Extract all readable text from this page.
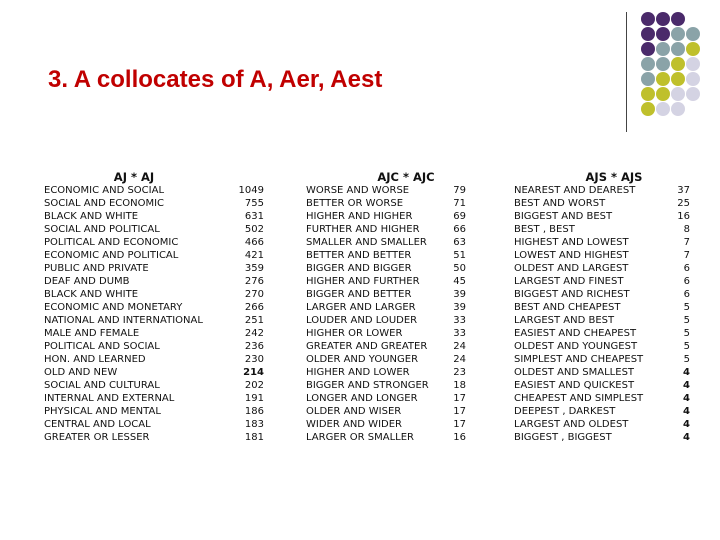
3. A collocates of A, Aer, Aest
AJ * AJ
ECONOMIC AND SOCIAL	1049
SOCIAL AND ECONOMIC	755
BLACK AND WHITE	631
SOCIAL AND POLITICAL	502
POLITICAL AND ECONOMIC	466
ECONOMIC AND POLITICAL	421
PUBLIC AND PRIVATE	359
DEAF AND DUMB	276
BLACK AND WHITE	270
ECONOMIC AND MONETARY	266
NATIONAL AND INTERNATIONAL	251
MALE AND FEMALE	242
POLITICAL AND SOCIAL	236
HON. AND LEARNED	230
OLD AND NEW	214
SOCIAL AND CULTURAL	202
INTERNAL AND EXTERNAL	191
PHYSICAL AND MENTAL	186
CENTRAL AND LOCAL	183
GREATER OR LESSER	181
AJC * AJC
WORSE AND WORSE	79
BETTER OR WORSE	71
HIGHER AND HIGHER	69
FURTHER AND HIGHER	66
SMALLER AND SMALLER	63
BETTER AND BETTER	51
BIGGER AND BIGGER	50
HIGHER AND FURTHER	45
BIGGER AND BETTER	39
LARGER AND LARGER	39
LOUDER AND LOUDER	33
HIGHER OR LOWER	33
GREATER AND GREATER	24
OLDER AND YOUNGER	24
HIGHER AND LOWER	23
BIGGER AND STRONGER	18
LONGER AND LONGER	17
OLDER AND WISER	17
WIDER AND WIDER	17
LARGER OR SMALLER	16
AJS * AJS
NEAREST AND DEAREST	37
BEST AND WORST	25
BIGGEST AND BEST	16
BEST , BEST	8
HIGHEST AND LOWEST	7
LOWEST AND HIGHEST	7
OLDEST AND LARGEST	6
LARGEST AND FINEST	6
BIGGEST AND RICHEST	6
BEST AND CHEAPEST	5
LARGEST AND BEST	5
EASIEST AND CHEAPEST	5
OLDEST AND YOUNGEST	5
SIMPLEST AND CHEAPEST	5
OLDEST AND SMALLEST	4
EASIEST AND QUICKEST	4
CHEAPEST AND SIMPLEST	4
DEEPEST , DARKEST	4
LARGEST AND OLDEST	4
BIGGEST , BIGGEST	4
